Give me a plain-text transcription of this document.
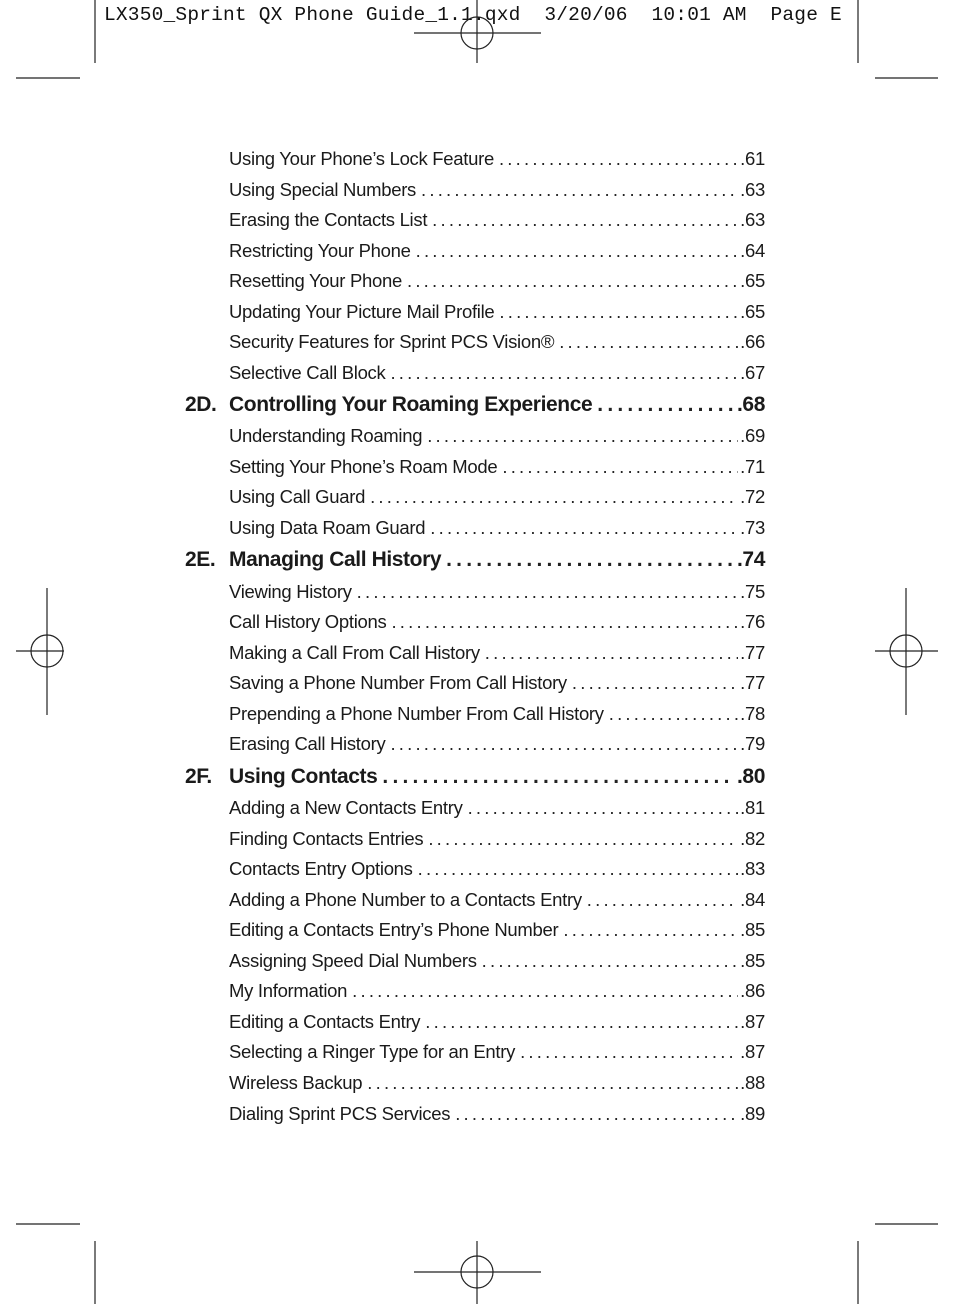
LX350_Sprint QX Phone Guide_1.1.qxd  3/20/06  10:01 AM  Page E
Using Your Phone’s Lock Feature .....	.61
Using Special Numbers .....	.63
Erasing the Contacts List .....	.63
Restricting Your Phone .....	.64
Resetting Your Phone .....	.65
Updating Your Picture Mail Profile .....	.65
Security Features for Sprint PCS Vision® .....	.66
Selective Call Block .....	.67
2D. Controlling Your Roaming Experience .....	.68
Understanding Roaming .....	.69
Setting Your Phone’s Roam Mode .....	.71
Using Call Guard .....	.72
Using Data Roam Guard .....	.73
2E. Managing Call History .....	.74
Viewing History .....	.75
Call History Options .....	.76
Making a Call From Call History .....	.77
Saving a Phone Number From Call History .....	.77
Prepending a Phone Number From Call History .....	.78
Erasing Call History .....	.79
2F. Using Contacts .....	.80
Adding a New Contacts Entry .....	.81
Finding Contacts Entries .....	.82
Contacts Entry Options .....	.83
Adding a Phone Number to a Contacts Entry .....	.84
Editing a Contacts Entry’s Phone Number .....	.85
Assigning Speed Dial Numbers .....	.85
My Information .....	.86
Editing a Contacts Entry .....	.87
Selecting a Ringer Type for an Entry .....	.87
Wireless Backup .....	.88
Dialing Sprint PCS Services .....	.89
